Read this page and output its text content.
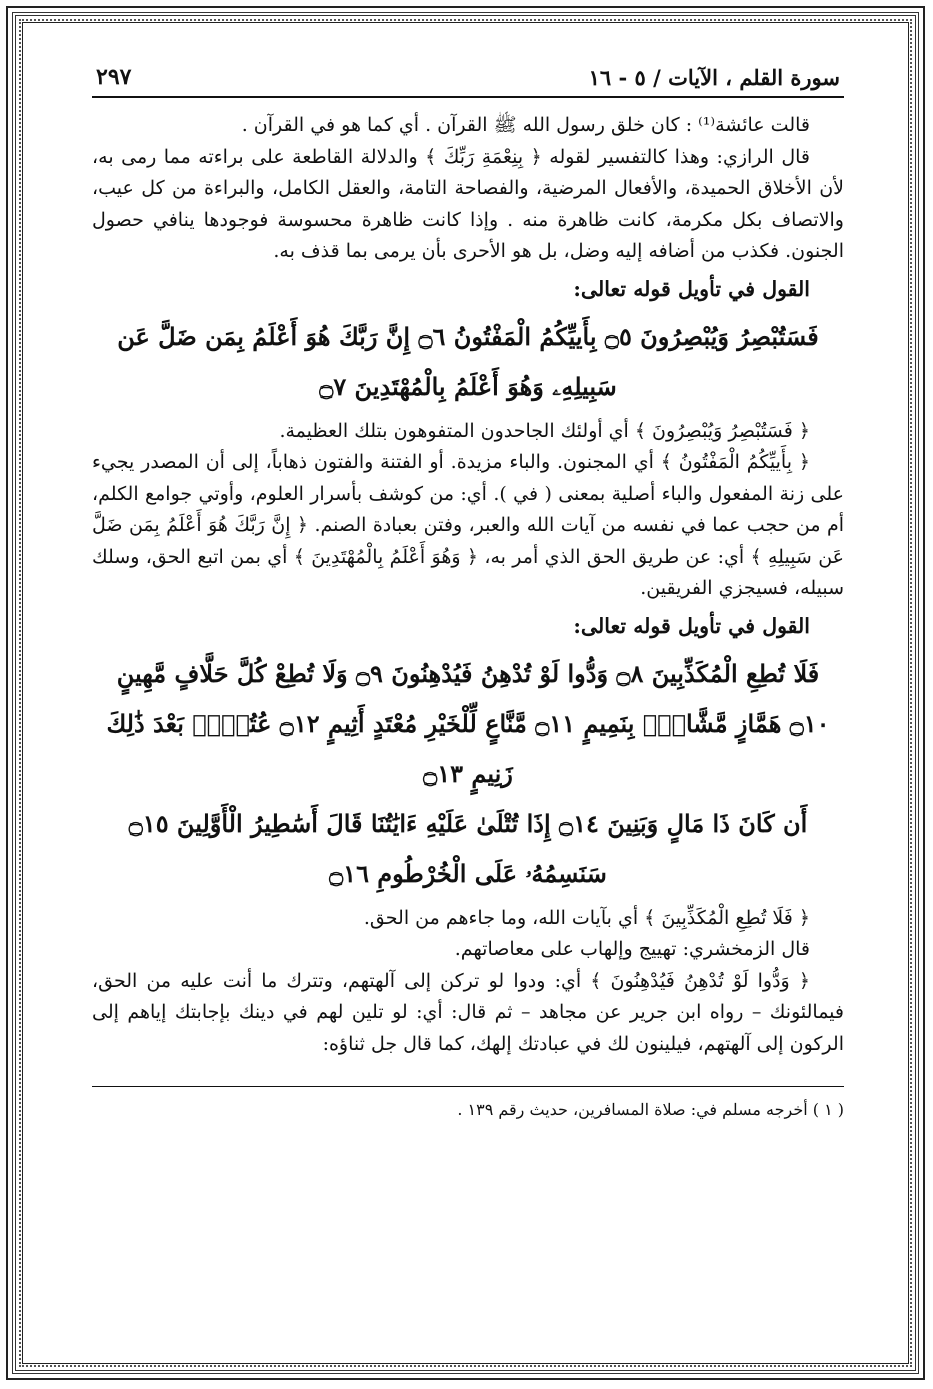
سورة القلم ، الآيات / ٥ - ١٦
٢٩٧

قالت عائشة⁽¹⁾ : كان خلق رسول الله ﷺ القرآن . أي كما هو في القرآن .

قال الرازي: وهذا كالتفسير لقوله ﴿ بِنِعْمَةِ رَبِّكَ ﴾ والدلالة القاطعة على براءته مما رمى به، لأن الأخلاق الحميدة، والأفعال المرضية، والفصاحة التامة، والعقل الكامل، والبراءة من كل عيب، والاتصاف بكل مكرمة، كانت ظاهرة منه . وإذا كانت ظاهرة محسوسة فوجودها ينافي حصول الجنون. فكذب من أضافه إليه وضل، بل هو الأحرى بأن يرمى بما قذف به.

القول في تأويل قوله تعالى:
فَسَتُبْصِرُ وَيُبْصِرُونَ ۝٥ بِأَييِّكُمُ الْمَفْتُونُ ۝٦ إِنَّ رَبَّكَ هُوَ أَعْلَمُ بِمَن ضَلَّ عَن
سَبِيلِهِۦ وَهُوَ أَعْلَمُ بِالْمُهْتَدِينَ ۝٧

﴿ فَسَتُبْصِرُ وَيُبْصِرُونَ ﴾ أي أولئك الجاحدون المتفوهون بتلك العظيمة.

﴿ بِأَييِّكُمُ الْمَفْتُونُ ﴾ أي المجنون. والباء مزيدة. أو الفتنة والفتون ذهاباً، إلى أن المصدر يجيء على زنة المفعول والباء أصلية بمعنى ( في ). أي: من كوشف بأسرار العلوم، وأوتي جوامع الكلم، أم من حجب عما في نفسه من آيات الله والعبر، وفتن بعبادة الصنم. ﴿ إِنَّ رَبَّكَ هُوَ أَعْلَمُ بِمَن ضَلَّ عَن سَبِيلِهِ ﴾ أي: عن طريق الحق الذي أمر به، ﴿ وَهُوَ أَعْلَمُ بِالْمُهْتَدِينَ ﴾ أي بمن اتبع الحق، وسلك سبيله، فسيجزي الفريقين.

القول في تأويل قوله تعالى:
فَلَا تُطِعِ الْمُكَذِّبِينَ ۝٨ وَدُّوا لَوْ تُدْهِنُ فَيُدْهِنُونَ ۝٩ وَلَا تُطِعْ كُلَّ حَلَّافٍ مَّهِينٍ
۝١٠ هَمَّازٍ مَّشَّاءٍۭ بِنَمِيمٍ ۝١١ مَّنَّاعٍ لِّلْخَيْرِ مُعْتَدٍ أَثِيمٍ ۝١٢ عُتُلٍّۭ بَعْدَ ذَٰلِكَ زَنِيمٍ ۝١٣
أَن كَانَ ذَا مَالٍ وَبَنِينَ ۝١٤ إِذَا تُتْلَىٰ عَلَيْهِ ءَايَٰتُنَا قَالَ أَسَٰطِيرُ الْأَوَّلِينَ ۝١٥
سَنَسِمُهُۥ عَلَى الْخُرْطُومِ ۝١٦

﴿ فَلَا تُطِعِ الْمُكَذِّبِينَ ﴾ أي بآيات الله، وما جاءهم من الحق.

قال الزمخشري: تهييج وإلهاب على معاصاتهم.

﴿ وَدُّوا لَوْ تُدْهِنُ فَيُدْهِنُونَ ﴾ أي: ودوا لو تركن إلى آلهتهم، وتترك ما أنت عليه من الحق، فيمالئونك – رواه ابن جرير عن مجاهد – ثم قال: أي: لو تلين لهم في دينك بإجابتك إياهم إلى الركون إلى آلهتهم، فيلينون لك في عبادتك إلهك، كما قال جل ثناؤه:

( ١ ) أخرجه مسلم في: صلاة المسافرين، حديث رقم ١٣٩ .
